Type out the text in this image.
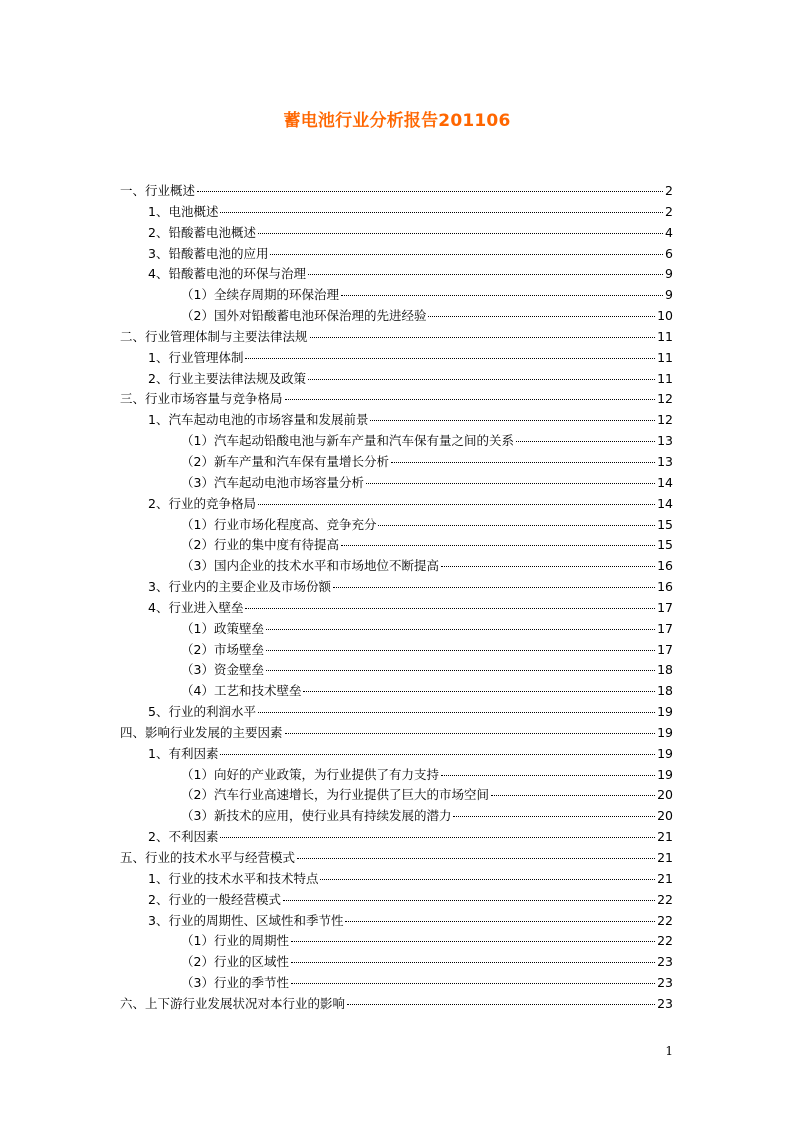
蓄电池行业分析报告201106
一、行业概述	2
1、电池概述	2
2、铅酸蓄电池概述	4
3、铅酸蓄电池的应用	6
4、铅酸蓄电池的环保与治理	9
（1）全续存周期的环保治理	9
（2）国外对铅酸蓄电池环保治理的先进经验	10
二、行业管理体制与主要法律法规	11
1、行业管理体制	11
2、行业主要法律法规及政策	11
三、行业市场容量与竞争格局	12
1、汽车起动电池的市场容量和发展前景	12
（1）汽车起动铅酸电池与新车产量和汽车保有量之间的关系	13
（2）新车产量和汽车保有量增长分析	13
（3）汽车起动电池市场容量分析	14
2、行业的竞争格局	14
（1）行业市场化程度高、竞争充分	15
（2）行业的集中度有待提高	15
（3）国内企业的技术水平和市场地位不断提高	16
3、行业内的主要企业及市场份额	16
4、行业进入壁垒	17
（1）政策壁垒	17
（2）市场壁垒	17
（3）资金壁垒	18
（4）工艺和技术壁垒	18
5、行业的利润水平	19
四、影响行业发展的主要因素	19
1、有利因素	19
（1）向好的产业政策，为行业提供了有力支持	19
（2）汽车行业高速增长，为行业提供了巨大的市场空间	20
（3）新技术的应用，使行业具有持续发展的潜力	20
2、不利因素	21
五、行业的技术水平与经营模式	21
1、行业的技术水平和技术特点	21
2、行业的一般经营模式	22
3、行业的周期性、区域性和季节性	22
（1）行业的周期性	22
（2）行业的区域性	23
（3）行业的季节性	23
六、上下游行业发展状况对本行业的影响	23
1
